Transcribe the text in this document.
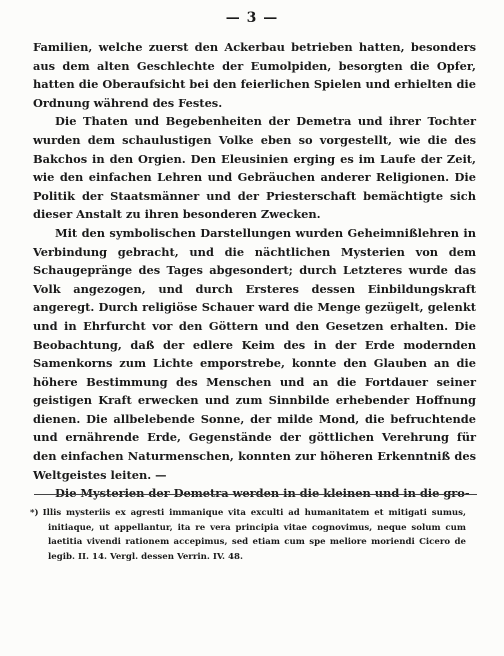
— 3 —

Familien, welche zuerst den Ackerbau betrieben hatten, besonders aus dem alten Geschlechte der Eumolpiden, besorgten die Opfer, hatten die Oberaufsicht bei den feierlichen Spielen und erhielten die Ordnung während des Festes.

Die Thaten und Begebenheiten der Demetra und ihrer Tochter wurden dem schaulustigen Volke eben so vorgestellt, wie die des Bakchos in den Orgien. Den Eleusinien erging es im Laufe der Zeit, wie den einfachen Lehren und Gebräuchen anderer Religionen. Die Politik der Staatsmänner und der Priesterschaft bemächtigte sich dieser Anstalt zu ihren besonderen Zwecken.

Mit den symbolischen Darstellungen wurden Geheimnißlehren in Verbindung gebracht, und die nächtlichen Mysterien von dem Schaugepränge des Tages abgesondert; durch Letzteres wurde das Volk angezogen, und durch Ersteres dessen Einbildungskraft angeregt. Durch religiöse Schauer ward die Menge gezügelt, gelenkt und in Ehrfurcht vor den Göttern und den Gesetzen erhalten. Die Beobachtung, daß der edlere Keim des in der Erde modernden Samenkorns zum Lichte emporstrebe, konnte den Glauben an die höhere Bestimmung des Menschen und an die Fortdauer seiner geistigen Kraft erwecken und zum Sinnbilde erhebender Hoffnung dienen. Die allbelebende Sonne, der milde Mond, die befruchtende und ernährende Erde, Gegenstände der göttlichen Verehrung für den einfachen Naturmenschen, konnten zur höheren Erkenntniß des Weltgeistes leiten. —

Die Mysterien der Demetra werden in die kleinen und in die gro-

*) Illis mysteriis ex agresti immanique vita exculti ad humanitatem et mitigati sumus, initiaque, ut appellantur, ita re vera principia vitae cognovimus, neque solum cum laetitia vivendi rationem accepimus, sed etiam cum spe meliore moriendi Cicero de legib. II. 14. Vergl. dessen Verrin. IV. 48.
